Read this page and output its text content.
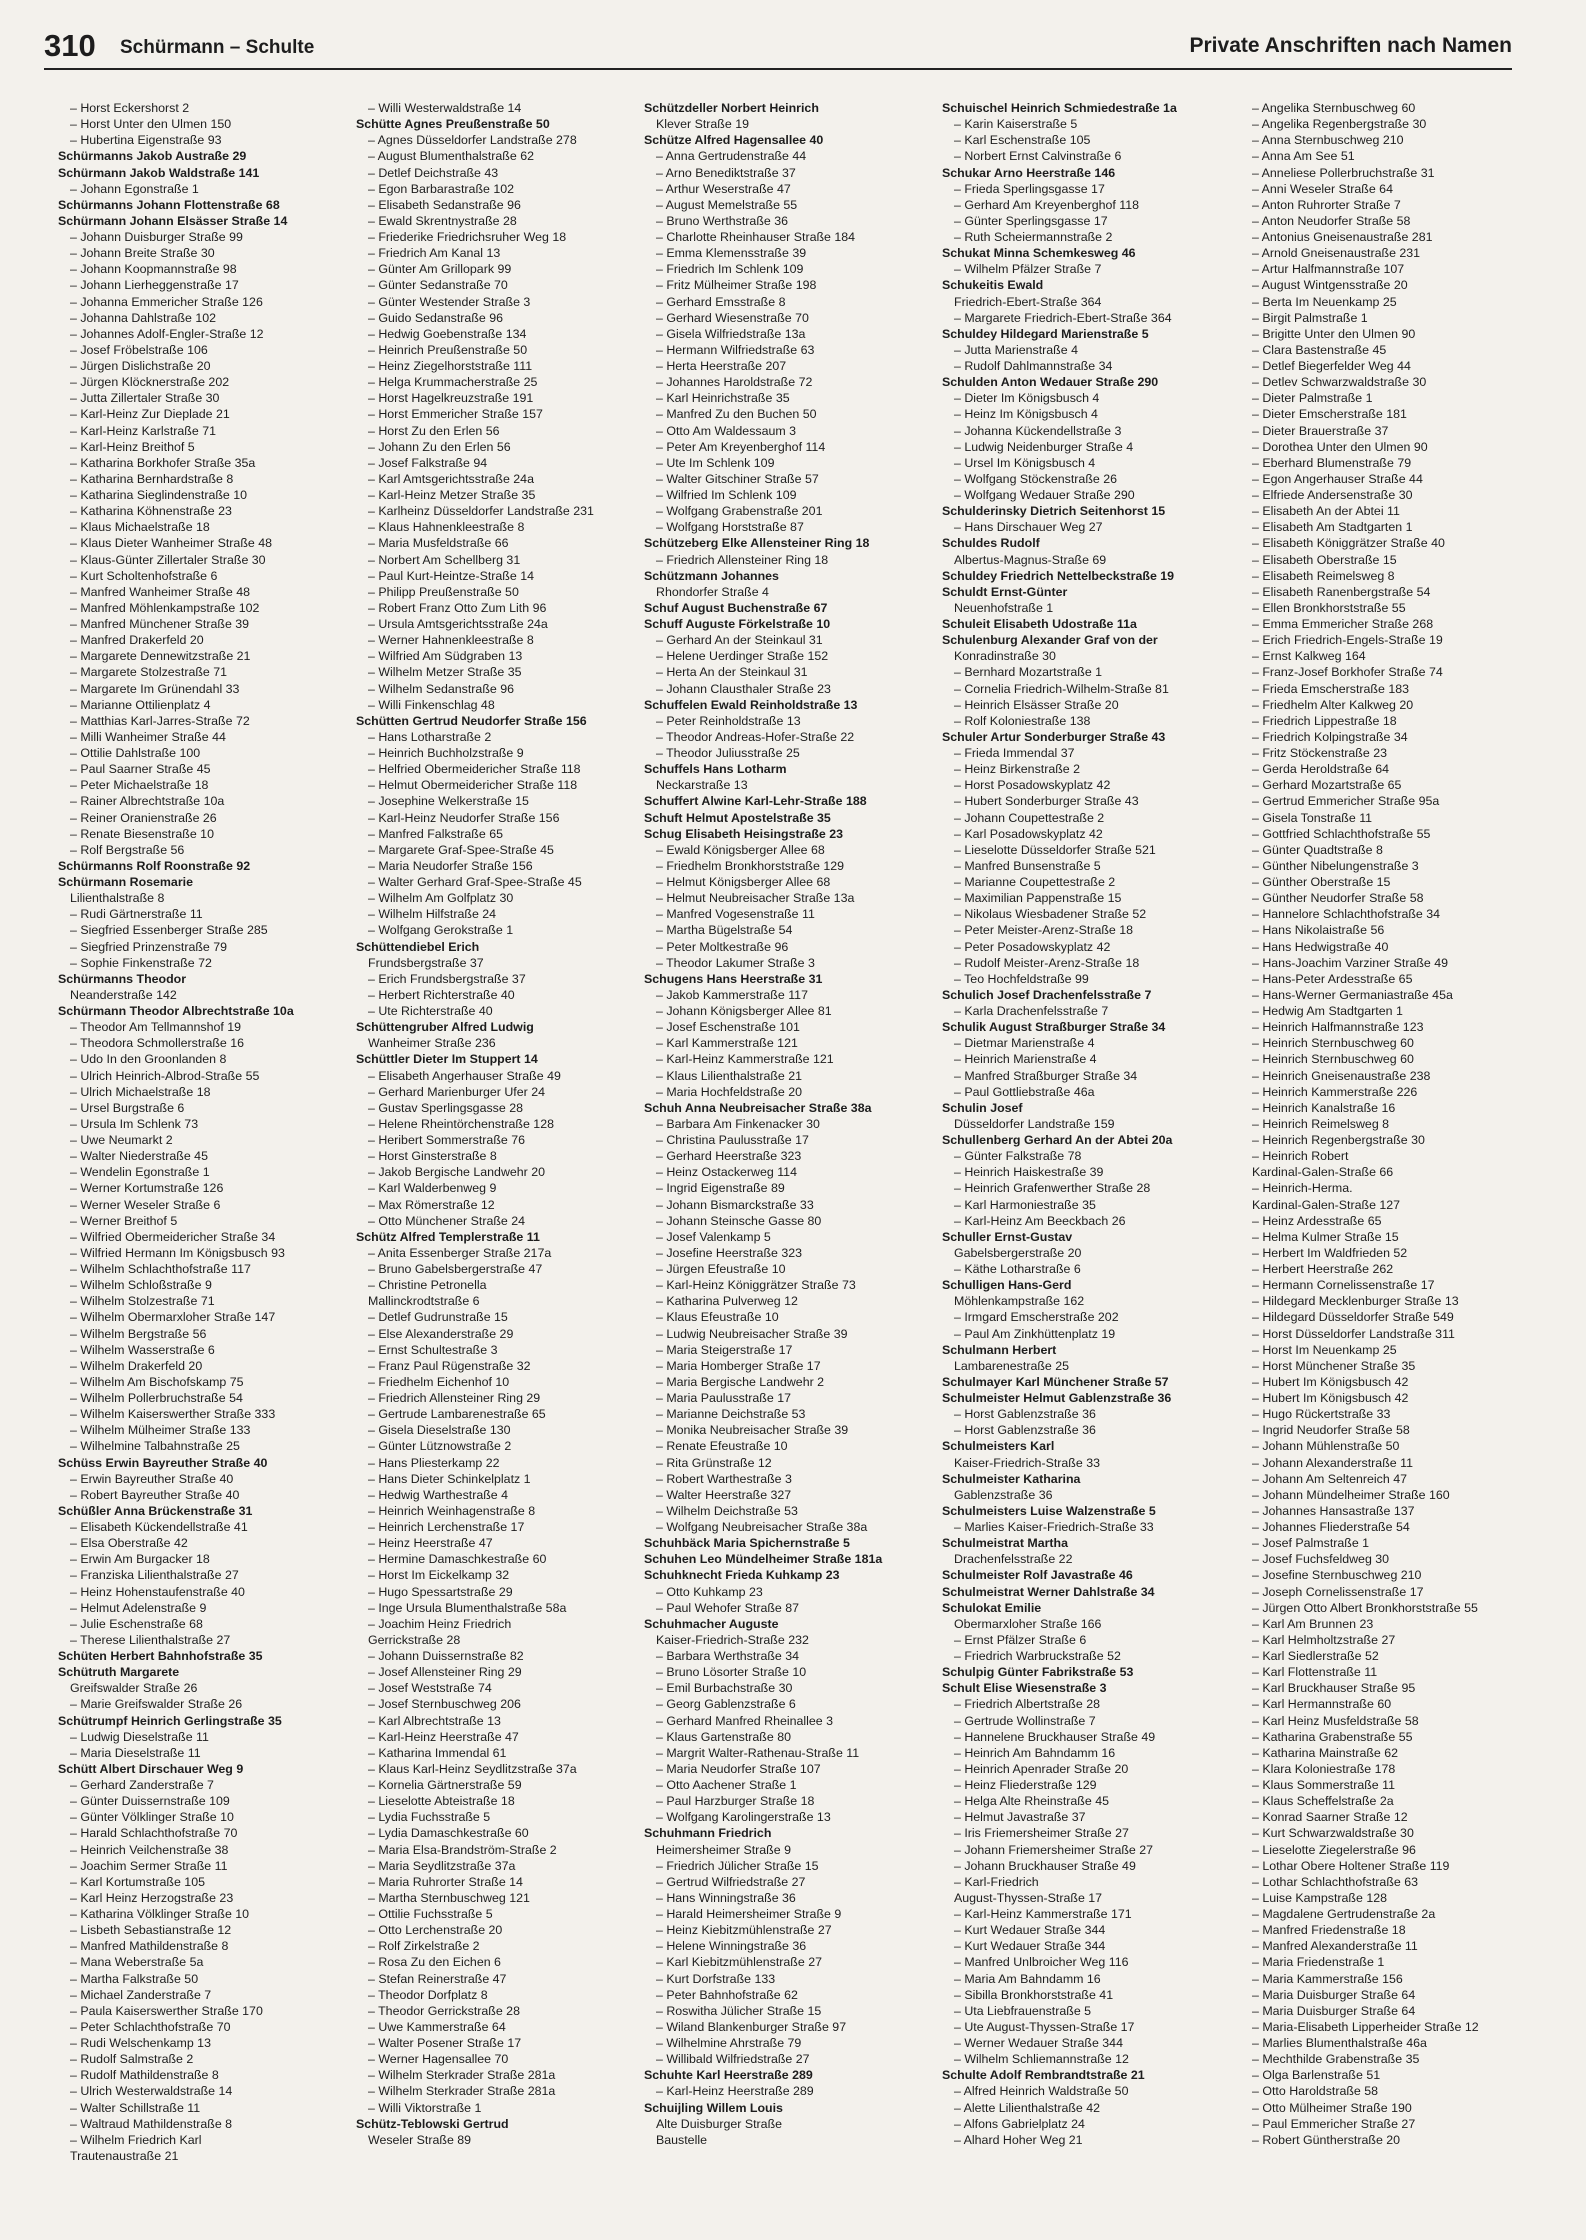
310 Schürmann – Schulte	Private Anschriften nach Namen
– Horst Eckershorst 2
– Horst Unter den Ulmen 150
– Hubertina Eigenstraße 93
Schürmanns Jakob Austraße 29
Schürmann Jakob Waldstraße 141
– Johann Egonstraße 1
Schürmanns Johann Flottenstraße 68
Schürmann Johann Elsässer Straße 14
– Johann Duisburger Straße 99
– Johann Breite Straße 30
– Johann Koopmannstraße 98
– Johann Lierheggenstraße 17
– Johanna Emmericher Straße 126
– Johanna Dahlstraße 102
– Johannes Adolf-Engler-Straße 12
– Josef Fröbelstraße 106
– Jürgen Dislichstraße 20
– Jürgen Klöcknerstraße 202
– Jutta Zillertaler Straße 30
– Karl-Heinz Zur Dieplade 21
– Karl-Heinz Karlstraße 71
– Karl-Heinz Breithof 5
– Katharina Borkhofer Straße 35a
– Katharina Bernhardstraße 8
– Katharina Sieglindenstraße 10
– Katharina Köhnenstraße 23
– Klaus Michaelstraße 18
– Klaus Dieter Wanheimer Straße 48
– Klaus-Günter Zillertaler Straße 30
– Kurt Scholtenhofstraße 6
– Manfred Wanheimer Straße 48
– Manfred Möhlenkampstraße 102
– Manfred Münchener Straße 39
– Manfred Drakerfeld 20
– Margarete Dennewitzstraße 21
– Margarete Stolzestraße 71
– Margarete Im Grünendahl 33
– Marianne Ottilienplatz 4
– Matthias Karl-Jarres-Straße 72
– Milli Wanheimer Straße 44
– Ottilie Dahlstraße 100
– Paul Saarner Straße 45
– Peter Michaelstraße 18
– Rainer Albrechtstraße 10a
– Reiner Oranienstraße 26
– Renate Biesenstraße 10
– Rolf Bergstraße 56
Schürmanns Rolf Roonstraße 92
Schürmann Rosemarie
Lilienthalstraße 8
– Rudi Gärtnerstraße 11
– Siegfried Essenberger Straße 285
– Siegfried Prinzenstraße 79
– Sophie Finkenstraße 72
Schürmanns Theodor
Neanderstraße 142
Schürmann Theodor Albrechtstraße 10a
– Theodor Am Tellmannshof 19
– Theodora Schmollerstraße 16
– Udo In den Groonlanden 8
– Ulrich Heinrich-Albrod-Straße 55
– Ulrich Michaelstraße 18
– Ursel Burgstraße 6
– Ursula Im Schlenk 73
– Uwe Neumarkt 2
– Walter Niederstraße 45
– Wendelin Egonstraße 1
– Werner Kortumstraße 126
– Werner Weseler Straße 6
– Werner Breithof 5
– Wilfried Obermeidericher Straße 34
– Wilfried Hermann Im Königsbusch 93
– Wilhelm Schlachthofstraße 117
– Wilhelm Schloßstraße 9
– Wilhelm Stolzestraße 71
– Wilhelm Obermarxloher Straße 147
– Wilhelm Bergstraße 56
– Wilhelm Wasserstraße 6
– Wilhelm Drakerfeld 20
– Wilhelm Am Bischofskamp 75
– Wilhelm Pollerbruchstraße 54
– Wilhelm Kaiserswerther Straße 333
– Wilhelm Mülheimer Straße 133
– Wilhelmine Talbahnstraße 25
Schüss Erwin Bayreuther Straße 40
– Erwin Bayreuther Straße 40
– Robert Bayreuther Straße 40
Schüßler Anna Brückenstraße 31
– Elisabeth Kückendellstraße 41
– Elsa Oberstraße 42
– Erwin Am Burgacker 18
– Franziska Lilienthalstraße 27
– Heinz Hohenstaufenstraße 40
– Helmut Adelenstraße 9
– Julie Eschenstraße 68
– Therese Lilienthalstraße 27
Schüten Herbert Bahnhofstraße 35
Schütruth Margarete
Greifswalder Straße 26
– Marie Greifswalder Straße 26
Schütrumpf Heinrich Gerlingstraße 35
– Ludwig Dieselstraße 11
– Maria Dieselstraße 11
Schütt Albert Dirschauer Weg 9
– Gerhard Zanderstraße 7
– Günter Duissernstraße 109
– Günter Völklinger Straße 10
– Harald Schlachthofstraße 70
– Heinrich Veilchenstraße 38
– Joachim Sermer Straße 11
– Karl Kortumstraße 105
– Karl Heinz Herzogstraße 23
– Katharina Völklinger Straße 10
– Lisbeth Sebastianstraße 12
– Manfred Mathildenstraße 8
– Mana Weberstraße 5a
– Martha Falkstraße 50
– Michael Zanderstraße 7
– Paula Kaiserswerther Straße 170
– Peter Schlachthofstraße 70
– Rudi Welschenkamp 13
– Rudolf Salmstraße 2
– Rudolf Mathildenstraße 8
– Ulrich Westerwaldstraße 14
– Walter Schillstraße 11
– Waltraud Mathildenstraße 8
– Wilhelm Friedrich Karl
Trautenaustraße 21
– Willi Westerwaldstraße 14
Schütte Agnes Preußenstraße 50
– Agnes Düsseldorfer Landstraße 278
– August Blumenthalstraße 62
– Detlef Deichstraße 43
– Egon Barbarastraße 102
– Elisabeth Sedanstraße 96
– Ewald Skrentnystraße 28
– Friederike Friedrichsruher Weg 18
– Friedrich Am Kanal 13
– Günter Am Grillopark 99
– Günter Sedanstraße 70
– Günter Westender Straße 3
– Guido Sedanstraße 96
– Hedwig Goebenstraße 134
– Heinrich Preußenstraße 50
– Heinz Ziegelhorststraße 111
– Helga Krummacherstraße 25
– Horst Hagelkreuzstraße 191
– Horst Emmericher Straße 157
– Horst Zu den Erlen 56
– Johann Zu den Erlen 56
– Josef Falkstraße 94
– Karl Amtsgerichtsstraße 24a
– Karl-Heinz Metzer Straße 35
– Karlheinz Düsseldorfer Landstraße 231
– Klaus Hahnenkleestraße 8
– Maria Musfeldstraße 66
– Norbert Am Schellberg 31
– Paul Kurt-Heintze-Straße 14
– Philipp Preußenstraße 50
– Robert Franz Otto Zum Lith 96
– Ursula Amtsgerichtsstraße 24a
– Werner Hahnenkleestraße 8
– Wilfried Am Südgraben 13
– Wilhelm Metzer Straße 35
– Wilhelm Sedanstraße 96
– Willi Finkenschlag 48
Schütten Gertrud Neudorfer Straße 156
– Hans Lotharstraße 2
– Heinrich Buchholzstraße 9
– Helfried Obermeidericher Straße 118
– Helmut Obermeidericher Straße 118
– Josephine Welkerstraße 15
– Karl-Heinz Neudorfer Straße 156
– Manfred Falkstraße 65
– Margarete Graf-Spee-Straße 45
– Maria Neudorfer Straße 156
– Walter Gerhard Graf-Spee-Straße 45
– Wilhelm Am Golfplatz 30
– Wilhelm Hilfstraße 24
– Wolfgang Gerokstraße 1
Schüttendiebel Erich
Frundsbergstraße 37
– Erich Frundsbergstraße 37
– Herbert Richterstraße 40
– Ute Richterstraße 40
Schüttengruber Alfred Ludwig
Wanheimer Straße 236
Schüttler Dieter Im Stuppert 14
– Elisabeth Angerhauser Straße 49
– Gerhard Marienburger Ufer 24
– Gustav Sperlingsgasse 28
– Helene Rheintörchenstraße 128
– Heribert Sommerstraße 76
– Horst Ginsterstraße 8
– Jakob Bergische Landwehr 20
– Karl Walderbenweg 9
– Max Römerstraße 12
– Otto Münchener Straße 24
Schütz Alfred Templerstraße 11
– Anita Essenberger Straße 217a
– Bruno Gabelsbergerstraße 47
– Christine Petronella
Mallinckrodtstraße 6
– Detlef Gudrunstraße 15
– Else Alexanderstraße 29
– Ernst Schultestraße 3
– Franz Paul Rügenstraße 32
– Friedhelm Eichenhof 10
– Friedrich Allensteiner Ring 29
– Gertrude Lambarenestraße 65
– Gisela Dieselstraße 130
– Günter Lütznowstraße 2
– Hans Pliesterkamp 22
– Hans Dieter Schinkelplatz 1
– Hedwig Warthestraße 4
– Heinrich Weinhagenstraße 8
– Heinrich Lerchenstraße 17
– Heinz Heerstraße 47
– Hermine Damaschkestraße 60
– Horst Im Eickelkamp 32
– Hugo Spessartstraße 29
– Inge Ursula Blumenthalstraße 58a
– Joachim Heinz Friedrich
Gerrickstraße 28
– Johann Duissernstraße 82
– Josef Allensteiner Ring 29
– Josef Weststraße 74
– Josef Sternbuschweg 206
– Karl Albrechtstraße 13
– Karl-Heinz Heerstraße 47
– Katharina Immendal 61
– Klaus Karl-Heinz Seydlitzstraße 37a
– Kornelia Gärtnerstraße 59
– Lieselotte Abteistraße 18
– Lydia Fuchsstraße 5
– Lydia Damaschkestraße 60
– Maria Elsa-Brandström-Straße 2
– Maria Seydlitzstraße 37a
– Maria Ruhrorter Straße 14
– Martha Sternbuschweg 121
– Ottilie Fuchsstraße 5
– Otto Lerchenstraße 20
– Rolf Zirkelstraße 2
– Rosa Zu den Eichen 6
– Stefan Reinerstraße 47
– Theodor Dorfplatz 8
– Theodor Gerrickstraße 28
– Uwe Kammerstraße 64
– Walter Posener Straße 17
– Werner Hagensallee 70
– Wilhelm Sterkrader Straße 281a
– Wilhelm Sterkrader Straße 281a
– Willi Viktorstraße 1
Schütz-Teblowski Gertrud
Weseler Straße 89
Schützdeller Norbert Heinrich
Klever Straße 19
Schütze Alfred Hagensallee 40
– Anna Gertrudenstraße 44
– Arno Benediktstraße 37
– Arthur Weserstraße 47
– August Memelstraße 55
– Bruno Werthstraße 36
– Charlotte Rheinhauser Straße 184
– Emma Klemensstraße 39
– Friedrich Im Schlenk 109
– Fritz Mülheimer Straße 198
– Gerhard Emsstraße 8
– Gerhard Wiesenstraße 70
– Gisela Wilfriedstraße 13a
– Hermann Wilfriedstraße 63
– Herta Heerstraße 207
– Johannes Haroldstraße 72
– Karl Heinrichstraße 35
– Manfred Zu den Buchen 50
– Otto Am Waldessaum 3
– Peter Am Kreyenberghof 114
– Ute Im Schlenk 109
– Walter Gitschiner Straße 57
– Wilfried Im Schlenk 109
– Wolfgang Grabenstraße 201
– Wolfgang Horststraße 87
Schützeberg Elke Allensteiner Ring 18
– Friedrich Allensteiner Ring 18
Schützmann Johannes
Rhondorfer Straße 4
Schuf August Buchenstraße 67
Schuff Auguste Förkelstraße 10
– Gerhard An der Steinkaul 31
– Helene Uerdinger Straße 152
– Herta An der Steinkaul 31
– Johann Clausthaler Straße 23
Schuffelen Ewald Reinholdstraße 13
– Peter Reinholdstraße 13
– Theodor Andreas-Hofer-Straße 22
– Theodor Juliusstraße 25
Schuffels Hans Lotharm
Neckarstraße 13
Schuffert Alwine Karl-Lehr-Straße 188
Schuft Helmut Apostelstraße 35
Schug Elisabeth Heisingstraße 23
– Ewald Königsberger Allee 68
– Friedhelm Bronkhorststraße 129
– Helmut Königsberger Allee 68
– Helmut Neubreisacher Straße 13a
– Manfred Vogesenstraße 11
– Martha Bügelstraße 54
– Peter Moltkestraße 96
– Theodor Lakumer Straße 3
Schugens Hans Heerstraße 31
– Jakob Kammerstraße 117
– Johann Königsberger Allee 81
– Josef Eschenstraße 101
– Karl Kammerstraße 121
– Karl-Heinz Kammerstraße 121
– Klaus Lilienthalstraße 21
– Maria Hochfeldstraße 20
Schuh Anna Neubreisacher Straße 38a
– Barbara Am Finkenacker 30
– Christina Paulusstraße 17
– Gerhard Heerstraße 323
– Heinz Ostackerweg 114
– Ingrid Eigenstraße 89
– Johann Bismarckstraße 33
– Johann Steinsche Gasse 80
– Josef Valenkamp 5
– Josefine Heerstraße 323
– Jürgen Efeustraße 10
– Karl-Heinz Königgrätzer Straße 73
– Katharina Pulverweg 12
– Klaus Efeustraße 10
– Ludwig Neubreisacher Straße 39
– Maria Steigerstraße 17
– Maria Homberger Straße 17
– Maria Bergische Landwehr 2
– Maria Paulusstraße 17
– Marianne Deichstraße 53
– Monika Neubreisacher Straße 39
– Renate Efeustraße 10
– Rita Grünstraße 12
– Robert Warthestraße 3
– Walter Heerstraße 327
– Wilhelm Deichstraße 53
– Wolfgang Neubreisacher Straße 38a
Schuhbäck Maria Spichernstraße 5
Schuhen Leo Mündelheimer Straße 181a
Schuhknecht Frieda Kuhkamp 23
– Otto Kuhkamp 23
– Paul Wehofer Straße 87
Schuhmacher Auguste
Kaiser-Friedrich-Straße 232
– Barbara Werthstraße 34
– Bruno Lösorter Straße 10
– Emil Burbachstraße 30
– Georg Gablenzstraße 6
– Gerhard Manfred Rheinallee 3
– Klaus Gartenstraße 80
– Margrit Walter-Rathenau-Straße 11
– Maria Neudorfer Straße 107
– Otto Aachener Straße 1
– Paul Harzburger Straße 18
– Wolfgang Karolingerstraße 13
Schuhmann Friedrich
Heimersheimer Straße 9
– Friedrich Jülicher Straße 15
– Gertrud Wilfriedstraße 27
– Hans Winningstraße 36
– Harald Heimersheimer Straße 9
– Heinz Kiebitzmühlenstraße 27
– Helene Winningstraße 36
– Karl Kiebitzmühlenstraße 27
– Kurt Dorfstraße 133
– Peter Bahnhofstraße 62
– Roswitha Jülicher Straße 15
– Wiland Blankenburger Straße 97
– Wilhelmine Ahrstraße 79
– Willibald Wilfriedstraße 27
Schuhte Karl Heerstraße 289
– Karl-Heinz Heerstraße 289
Schuijling Willem Louis
Alte Duisburger Straße
Baustelle
Schuischel Heinrich Schmiedestraße 1a
– Karin Kaiserstraße 5
– Karl Eschenstraße 105
– Norbert Ernst Calvinstraße 6
Schukar Arno Heerstraße 146
– Frieda Sperlingsgasse 17
– Gerhard Am Kreyenberghof 118
– Günter Sperlingsgasse 17
– Ruth Scheiermannstraße 2
Schukat Minna Schemkesweg 46
– Wilhelm Pfälzer Straße 7
Schukeitis Ewald
Friedrich-Ebert-Straße 364
– Margarete Friedrich-Ebert-Straße 364
Schuldey Hildegard Marienstraße 5
– Jutta Marienstraße 4
– Rudolf Dahlmannstraße 34
Schulden Anton Wedauer Straße 290
– Dieter Im Königsbusch 4
– Heinz Im Königsbusch 4
– Johanna Kückendellstraße 3
– Ludwig Neidenburger Straße 4
– Ursel Im Königsbusch 4
– Wolfgang Stöckenstraße 26
– Wolfgang Wedauer Straße 290
Schulderinsky Dietrich Seitenhorst 15
– Hans Dirschauer Weg 27
Schuldes Rudolf
Albertus-Magnus-Straße 69
Schuldey Friedrich Nettelbeckstraße 19
Schuldt Ernst-Günter
Neuenhofstraße 1
Schuleit Elisabeth Udostraße 11a
Schulenburg Alexander Graf von der
Konradinstraße 30
– Bernhard Mozartstraße 1
– Cornelia Friedrich-Wilhelm-Straße 81
– Heinrich Elsässer Straße 20
– Rolf Koloniestraße 138
Schuler Artur Sonderburger Straße 43
– Frieda Immendal 37
– Heinz Birkenstraße 2
– Horst Posadowskyplatz 42
– Hubert Sonderburger Straße 43
– Johann Coupettestraße 2
– Karl Posadowskyplatz 42
– Lieselotte Düsseldorfer Straße 521
– Manfred Bunsenstraße 5
– Marianne Coupettestraße 2
– Maximilian Pappenstraße 15
– Nikolaus Wiesbadener Straße 52
– Peter Meister-Arenz-Straße 18
– Peter Posadowskyplatz 42
– Rudolf Meister-Arenz-Straße 18
– Teo Hochfeldstraße 99
Schulich Josef Drachenfelsstraße 7
– Karla Drachenfelsstraße 7
Schulik August Straßburger Straße 34
– Dietmar Marienstraße 4
– Heinrich Marienstraße 4
– Manfred Straßburger Straße 34
– Paul Gottliebstraße 46a
Schulin Josef
Düsseldorfer Landstraße 159
Schullenberg Gerhard An der Abtei 20a
– Günter Falkstraße 78
– Heinrich Haiskestraße 39
– Heinrich Grafenwerther Straße 28
– Karl Harmoniestraße 35
– Karl-Heinz Am Beeckbach 26
Schuller Ernst-Gustav
Gabelsbergerstraße 20
– Käthe Lotharstraße 6
Schulligen Hans-Gerd
Möhlenkampstraße 162
– Irmgard Emscherstraße 202
– Paul Am Zinkhüttenplatz 19
Schulmann Herbert
Lambarenestraße 25
Schulmayer Karl Münchener Straße 57
Schulmeister Helmut Gablenzstraße 36
– Horst Gablenzstraße 36
– Horst Gablenzstraße 36
Schulmeisters Karl
Kaiser-Friedrich-Straße 33
Schulmeister Katharina
Gablenzstraße 36
Schulmeisters Luise Walzenstraße 5
– Marlies Kaiser-Friedrich-Straße 33
Schulmeistrat Martha
Drachenfelsstraße 22
Schulmeister Rolf Javastraße 46
Schulmeistrat Werner Dahlstraße 34
Schulokat Emilie
Obermarxloher Straße 166
– Ernst Pfälzer Straße 6
– Friedrich Warbruckstraße 52
Schulpig Günter Fabrikstraße 53
Schult Elise Wiesenstraße 3
– Friedrich Albertstraße 28
– Gertrude Wollinstraße 7
– Hannelene Bruckhauser Straße 49
– Heinrich Am Bahndamm 16
– Heinrich Apenrader Straße 20
– Heinz Fliederstraße 129
– Helga Alte Rheinstraße 45
– Helmut Javastraße 37
– Iris Friemersheimer Straße 27
– Johann Friemersheimer Straße 27
– Johann Bruckhauser Straße 49
– Karl-Friedrich
August-Thyssen-Straße 17
– Karl-Heinz Kammerstraße 171
– Kurt Wedauer Straße 344
– Kurt Wedauer Straße 344
– Manfred Unlbroicher Weg 116
– Maria Am Bahndamm 16
– Sibilla Bronkhorststraße 41
– Uta Liebfrauenstraße 5
– Ute August-Thyssen-Straße 17
– Werner Wedauer Straße 344
– Wilhelm Schliemannstraße 12
Schulte Adolf Rembrandtstraße 21
– Alfred Heinrich Waldstraße 50
– Alette Lilienthalstraße 42
– Alfons Gabrielplatz 24
– Alhard Hoher Weg 21
– Angelika Sternbuschweg 60
– Angelika Regenbergstraße 30
– Anna Sternbuschweg 210
– Anna Am See 51
– Anneliese Pollerbruchstraße 31
– Anni Weseler Straße 64
– Anton Ruhrorter Straße 7
– Anton Neudorfer Straße 58
– Antonius Gneisenaustraße 281
– Arnold Gneisenaustraße 231
– Artur Halfmannstraße 107
– August Wintgensstraße 20
– Berta Im Neuenkamp 25
– Birgit Palmstraße 1
– Brigitte Unter den Ulmen 90
– Clara Bastenstraße 45
– Detlef Biegerfelder Weg 44
– Detlev Schwarzwaldstraße 30
– Dieter Palmstraße 1
– Dieter Emscherstraße 181
– Dieter Brauerstraße 37
– Dorothea Unter den Ulmen 90
– Eberhard Blumenstraße 79
– Egon Angerhauser Straße 44
– Elfriede Andersenstraße 30
– Elisabeth An der Abtei 11
– Elisabeth Am Stadtgarten 1
– Elisabeth Königgrätzer Straße 40
– Elisabeth Oberstraße 15
– Elisabeth Reimelsweg 8
– Elisabeth Ranenbergstraße 54
– Ellen Bronkhorststraße 55
– Emma Emmericher Straße 268
– Erich Friedrich-Engels-Straße 19
– Ernst Kalkweg 164
– Franz-Josef Borkhofer Straße 74
– Frieda Emscherstraße 183
– Friedhelm Alter Kalkweg 20
– Friedrich Lippestraße 18
– Friedrich Kolpingstraße 34
– Fritz Stöckenstraße 23
– Gerda Heroldstraße 64
– Gerhard Mozartstraße 65
– Gertrud Emmericher Straße 95a
– Gisela Tonstraße 11
– Gottfried Schlachthofstraße 55
– Günter Quadtstraße 8
– Günther Nibelungenstraße 3
– Günther Oberstraße 15
– Günther Neudorfer Straße 58
– Hannelore Schlachthofstraße 34
– Hans Nikolaistraße 56
– Hans Hedwigstraße 40
– Hans-Joachim Varziner Straße 49
– Hans-Peter Ardesstraße 65
– Hans-Werner Germaniastraße 45a
– Hedwig Am Stadtgarten 1
– Heinrich Halfmannstraße 123
– Heinrich Sternbuschweg 60
– Heinrich Sternbuschweg 60
– Heinrich Gneisenaustraße 238
– Heinrich Kammerstraße 226
– Heinrich Kanalstraße 16
– Heinrich Reimelsweg 8
– Heinrich Regenbergstraße 30
– Heinrich Robert
Kardinal-Galen-Straße 66
– Heinrich-Herma.
Kardinal-Galen-Straße 127
– Heinz Ardesstraße 65
– Helma Kulmer Straße 15
– Herbert Im Waldfrieden 52
– Herbert Heerstraße 262
– Hermann Cornelissenstraße 17
– Hildegard Mecklenburger Straße 13
– Hildegard Düsseldorfer Straße 549
– Horst Düsseldorfer Landstraße 311
– Horst Im Neuenkamp 25
– Horst Münchener Straße 35
– Hubert Im Königsbusch 42
– Hubert Im Königsbusch 42
– Hugo Rückertstraße 33
– Ingrid Neudorfer Straße 58
– Johann Mühlenstraße 50
– Johann Alexanderstraße 11
– Johann Am Seltenreich 47
– Johann Mündelheimer Straße 160
– Johannes Hansastraße 137
– Johannes Fliederstraße 54
– Josef Palmstraße 1
– Josef Fuchsfeldweg 30
– Josefine Sternbuschweg 210
– Joseph Cornelissenstraße 17
– Jürgen Otto Albert Bronkhorststraße 55
– Karl Am Brunnen 23
– Karl Helmholtzstraße 27
– Karl Siedlerstraße 52
– Karl Flottenstraße 11
– Karl Bruckhauser Straße 95
– Karl Hermannstraße 60
– Karl Heinz Musfeldstraße 58
– Katharina Grabenstraße 55
– Katharina Mainstraße 62
– Klara Koloniestraße 178
– Klaus Sommerstraße 11
– Klaus Scheffelstraße 2a
– Konrad Saarner Straße 12
– Kurt Schwarzwaldstraße 30
– Lieselotte Ziegelerstraße 96
– Lothar Obere Holtener Straße 119
– Lothar Schlachthofstraße 63
– Luise Kampstraße 128
– Magdalene Gertrudenstraße 2a
– Manfred Friedenstraße 18
– Manfred Alexanderstraße 11
– Maria Friedenstraße 1
– Maria Kammerstraße 156
– Maria Duisburger Straße 64
– Maria Duisburger Straße 64
– Maria-Elisabeth Lipperheider Straße 12
– Marlies Blumenthalstraße 46a
– Mechthilde Grabenstraße 35
– Olga Barlenstraße 51
– Otto Haroldstraße 58
– Otto Mülheimer Straße 190
– Paul Emmericher Straße 27
– Robert Güntherstraße 20
